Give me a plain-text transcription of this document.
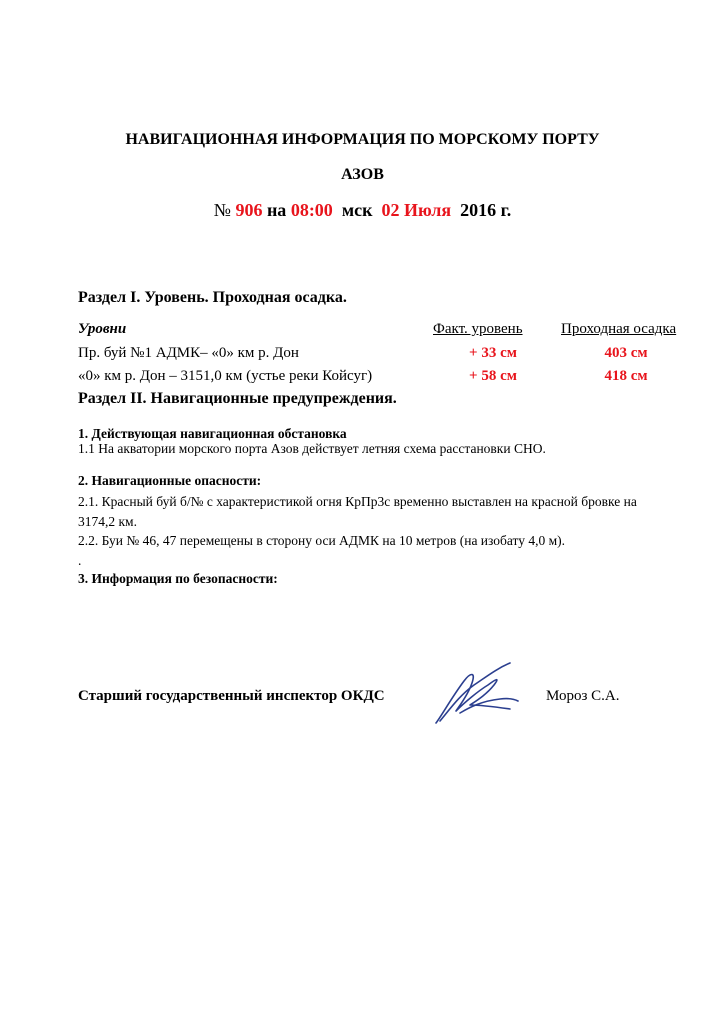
НАВИГАЦИОННАЯ ИНФОРМАЦИЯ ПО МОРСКОМУ ПОРТУ
АЗОВ
№ 906 на 08:00 мск 02 Июля 2016 г.
Раздел I. Уровень. Проходная осадка.
Уровни	Факт. уровень	Проходная осадка
Пр. буй №1 АДМК– «0» км р. Дон	+ 33 см	403 см
«0» км р. Дон – 3151,0 км (устье реки Койсуг)	+ 58 см	418 см
Раздел II. Навигационные предупреждения.
1. Действующая навигационная обстановка
1.1 На акватории морского порта Азов действует летняя схема расстановки СНО.
2. Навигационные опасности:
2.1. Красный буй б/№ с характеристикой огня КрПр3с временно выставлен на красной бровке на
3174,2 км.
2.2. Буи № 46, 47 перемещены в сторону оси АДМК на 10 метров (на изобату 4,0 м).
.
3. Информация по безопасности:
Старший государственный инспектор ОКДС	Мороз С.А.
